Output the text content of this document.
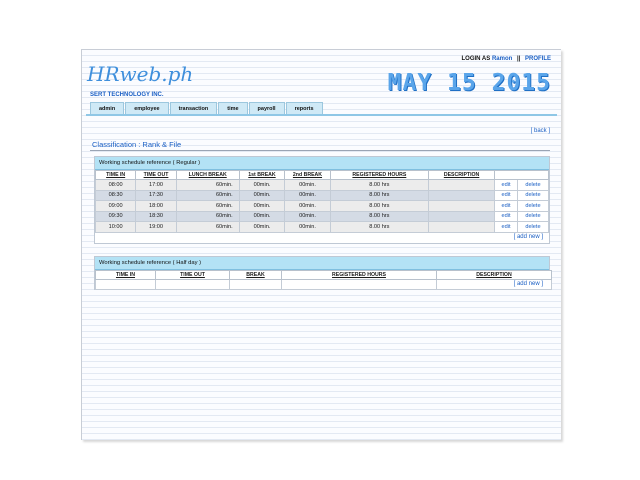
LOGIN AS Ramon || PROFILE
HRweb.ph
SERT TECHNOLOGY INC.	MAY 15 2015
admin	employee	transaction	time	payroll	reports
[ back ]
Classification : Rank & File
Working schedule reference ( Regular )
TIME IN	TIME OUT	LUNCH BREAK	1st BREAK	2nd BREAK	REGISTERED HOURS	DESCRIPTION		
08:00	17:00	60min.	00min.	00min.	8.00 hrs		edit	delete
08:30	17:30	60min.	00min.	00min.	8.00 hrs		edit	delete
09:00	18:00	60min.	00min.	00min.	8.00 hrs		edit	delete
09:30	18:30	60min.	00min.	00min.	8.00 hrs		edit	delete
10:00	19:00	60min.	00min.	00min.	8.00 hrs		edit	delete
[ add new ]
Working schedule reference ( Half day )
TIME IN	TIME OUT	BREAK	REGISTERED HOURS	DESCRIPTION

[ add new ]
